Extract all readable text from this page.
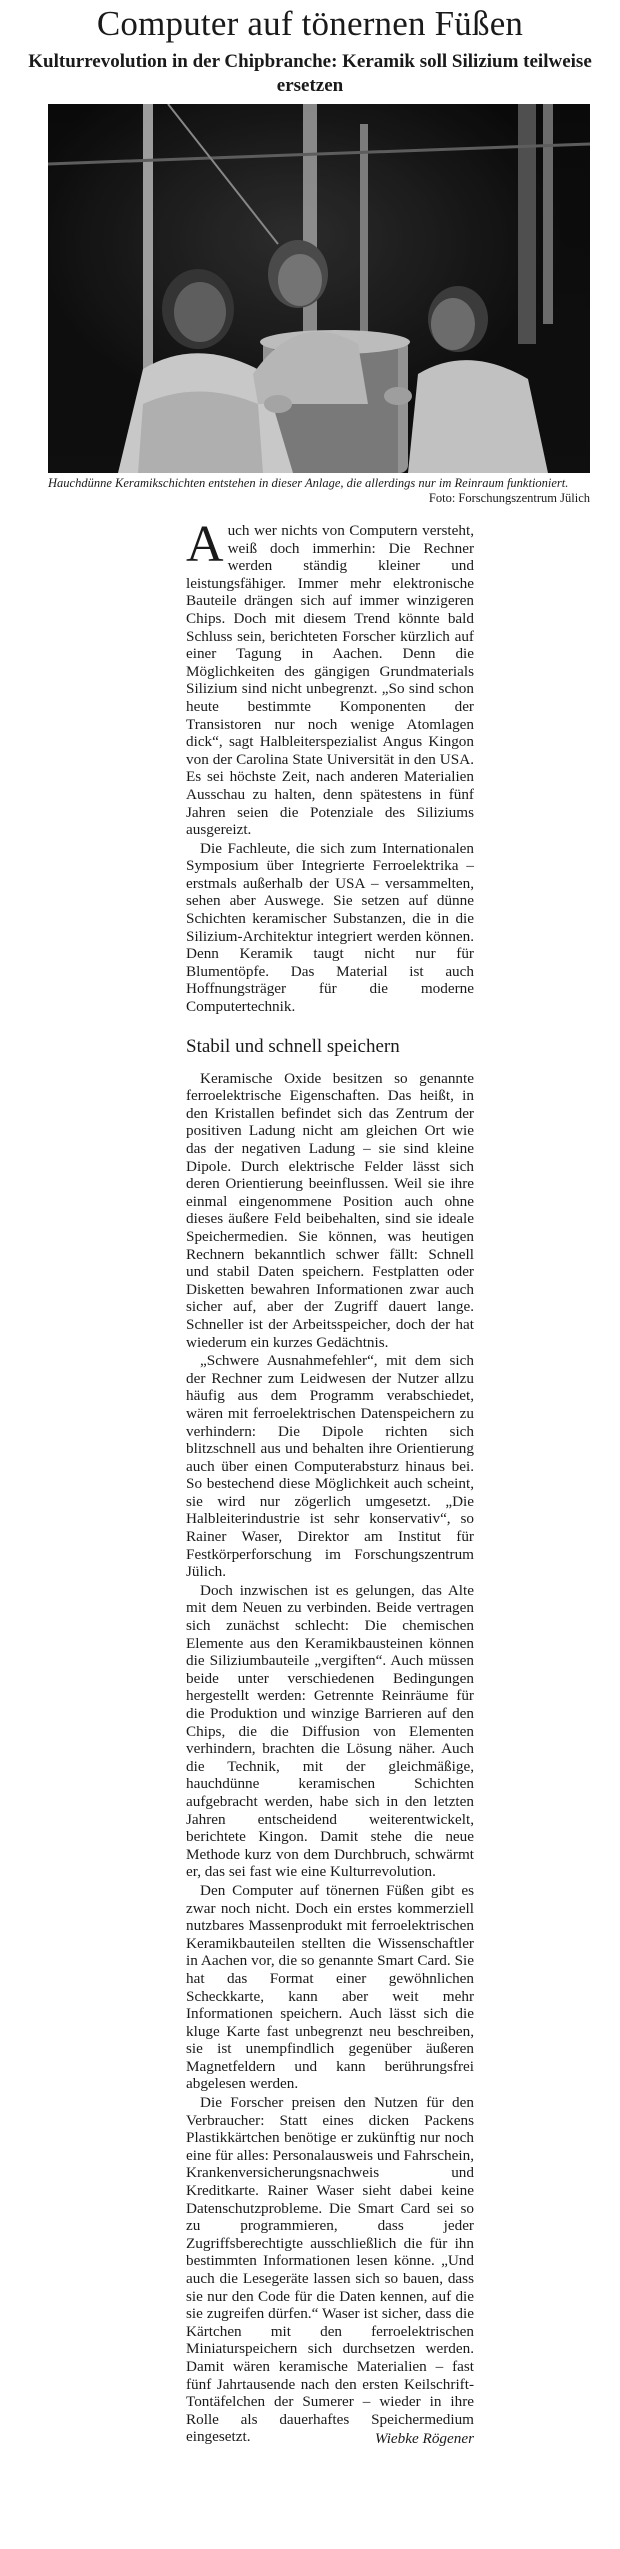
Computer auf tönernen Füßen
Kulturrevolution in der Chipbranche: Keramik soll Silizium teilweise ersetzen
Hauchdünne Keramikschichten entstehen in dieser Anlage, die allerdings nur im Reinraum funktioniert.
Foto: Forschungszentrum Jülich

Auch wer nichts von Computern versteht, weiß doch immerhin: Die Rechner werden ständig kleiner und leistungsfähiger. Immer mehr elektronische Bauteile drängen sich auf immer winzigeren Chips. Doch mit diesem Trend könnte bald Schluss sein, berichteten Forscher kürzlich auf einer Tagung in Aachen. Denn die Möglichkeiten des gängigen Grundmaterials Silizium sind nicht unbegrenzt. „So sind schon heute bestimmte Komponenten der Transistoren nur noch wenige Atomlagen dick“, sagt Halbleiterspezialist Angus Kingon von der Carolina State Universität in den USA. Es sei höchste Zeit, nach anderen Materialien Ausschau zu halten, denn spätestens in fünf Jahren seien die Potenziale des Siliziums ausgereizt.

Die Fachleute, die sich zum Internationalen Symposium über Integrierte Ferroelektrika – erstmals außerhalb der USA – versammelten, sehen aber Auswege. Sie setzen auf dünne Schichten keramischer Substanzen, die in die Silizium-Architektur integriert werden können. Denn Keramik taugt nicht nur für Blumentöpfe. Das Material ist auch Hoffnungsträger für die moderne Computertechnik.

Stabil und schnell speichern

Keramische Oxide besitzen so genannte ferroelektrische Eigenschaften. Das heißt, in den Kristallen befindet sich das Zentrum der positiven Ladung nicht am gleichen Ort wie das der negativen Ladung – sie sind kleine Dipole. Durch elektrische Felder lässt sich deren Orientierung beeinflussen. Weil sie ihre einmal eingenommene Position auch ohne dieses äußere Feld beibehalten, sind sie ideale Speichermedien. Sie können, was heutigen Rechnern bekanntlich schwer fällt: Schnell und stabil Daten speichern. Festplatten oder Disketten bewahren Informationen zwar auch sicher auf, aber der Zugriff dauert lange. Schneller ist der Arbeitsspeicher, doch der hat wiederum ein kurzes Gedächtnis.

„Schwere Ausnahmefehler“, mit dem sich der Rechner zum Leidwesen der Nutzer allzu häufig aus dem Programm verabschiedet, wären mit ferroelektrischen Datenspeichern zu verhindern: Die Dipole richten sich blitzschnell aus und behalten ihre Orientierung auch über einen Computerabsturz hinaus bei. So bestechend diese Möglichkeit auch scheint, sie wird nur zögerlich umgesetzt. „Die Halbleiterindustrie ist sehr konservativ“, so Rainer Waser, Direktor am Institut für Festkörperforschung im Forschungszentrum Jülich.

Doch inzwischen ist es gelungen, das Alte mit dem Neuen zu verbinden. Beide vertragen sich zunächst schlecht: Die chemischen Elemente aus den Keramikbausteinen können die Siliziumbauteile „vergiften“. Auch müssen beide unter verschiedenen Bedingungen hergestellt werden: Getrennte Reinräume für die Produktion und winzige Barrieren auf den Chips, die die Diffusion von Elementen verhindern, brachten die Lösung näher. Auch die Technik, mit der gleichmäßige, hauchdünne keramischen Schichten aufgebracht werden, habe sich in den letzten Jahren entscheidend weiterentwickelt, berichtete Kingon. Damit stehe die neue Methode kurz von dem Durchbruch, schwärmt er, das sei fast wie eine Kulturrevolution.

Den Computer auf tönernen Füßen gibt es zwar noch nicht. Doch ein erstes kommerziell nutzbares Massenprodukt mit ferroelektrischen Keramikbauteilen stellten die Wissenschaftler in Aachen vor, die so genannte Smart Card. Sie hat das Format einer gewöhnlichen Scheckkarte, kann aber weit mehr Informationen speichern. Auch lässt sich die kluge Karte fast unbegrenzt neu beschreiben, sie ist unempfindlich gegenüber äußeren Magnetfeldern und kann berührungsfrei abgelesen werden.

Die Forscher preisen den Nutzen für den Verbraucher: Statt eines dicken Packens Plastikkärtchen benötige er zukünftig nur noch eine für alles: Personalausweis und Fahrschein, Krankenversicherungsnachweis und Kreditkarte. Rainer Waser sieht dabei keine Datenschutzprobleme. Die Smart Card sei so zu programmieren, dass jeder Zugriffsberechtigte ausschließlich die für ihn bestimmten Informationen lesen könne. „Und auch die Lesegeräte lassen sich so bauen, dass sie nur den Code für die Daten kennen, auf die sie zugreifen dürfen.“ Waser ist sicher, dass die Kärtchen mit den ferroelektrischen Miniaturspeichern sich durchsetzen werden. Damit wären keramische Materialien – fast fünf Jahrtausende nach den ersten Keilschrift-Tontäfelchen der Sumerer – wieder in ihre Rolle als dauerhaftes Speichermedium eingesetzt.	Wiebke Rögener
